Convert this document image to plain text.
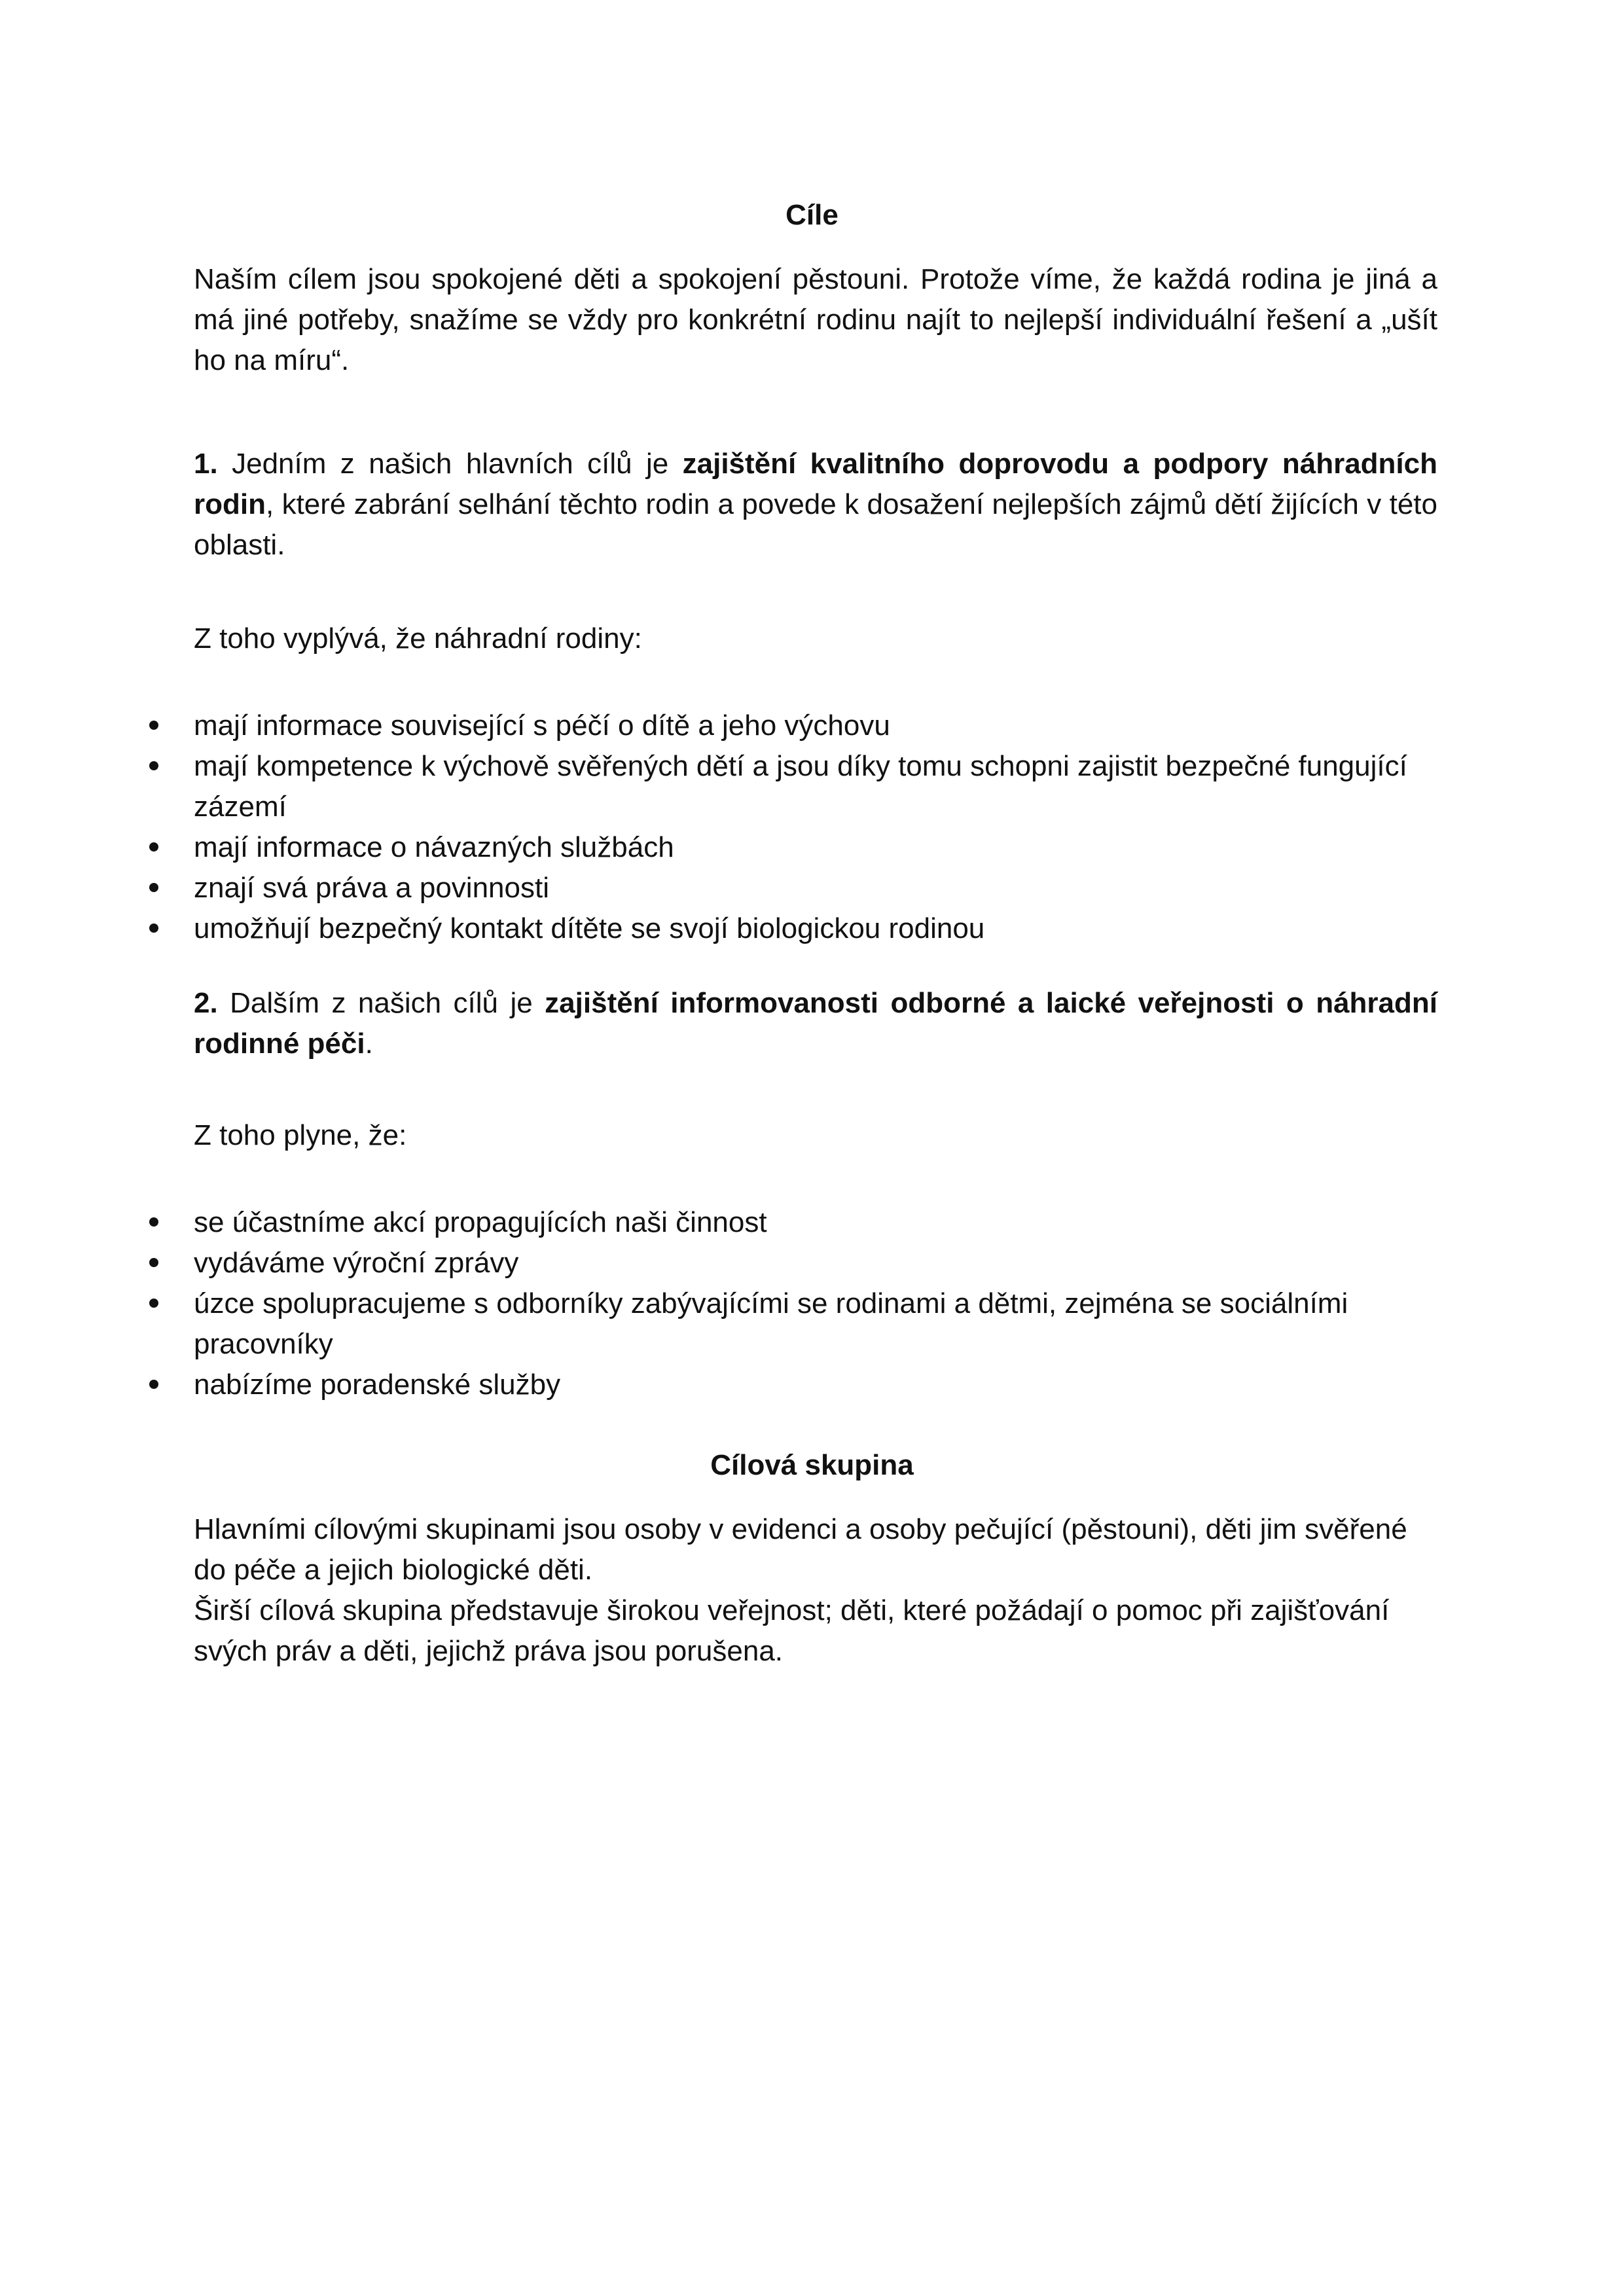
Cíle

Naším cílem jsou spokojené děti a spokojení pěstouni. Protože víme, že každá rodina je jiná a má jiné potřeby, snažíme se vždy pro konkrétní rodinu najít to nejlepší individuální řešení a „ušít ho na míru“.

1. Jedním z našich hlavních cílů je zajištění kvalitního doprovodu a podpory náhradních rodin, které zabrání selhání těchto rodin a povede k dosažení nejlepších zájmů dětí žijících v této oblasti.

Z toho vyplývá, že náhradní rodiny:

mají informace související s péčí o dítě a jeho výchovu
mají kompetence k výchově svěřených dětí a jsou díky tomu schopni zajistit bezpečné fungující zázemí
mají informace o návazných službách
znají svá práva a povinnosti
umožňují bezpečný kontakt dítěte se svojí biologickou rodinou

2. Dalším z našich cílů je zajištění informovanosti odborné a laické veřejnosti o náhradní rodinné péči.

Z toho plyne, že:

se účastníme akcí propagujících naši činnost
vydáváme výroční zprávy
úzce spolupracujeme s odborníky zabývajícími se rodinami a dětmi, zejména se sociálními pracovníky
nabízíme poradenské služby
Cílová skupina

Hlavními cílovými skupinami jsou osoby v evidenci a osoby pečující (pěstouni), děti jim svěřené do péče a jejich biologické děti.

Širší cílová skupina představuje širokou veřejnost; děti, které požádají o pomoc při zajišťování svých práv a děti, jejichž práva jsou porušena.
